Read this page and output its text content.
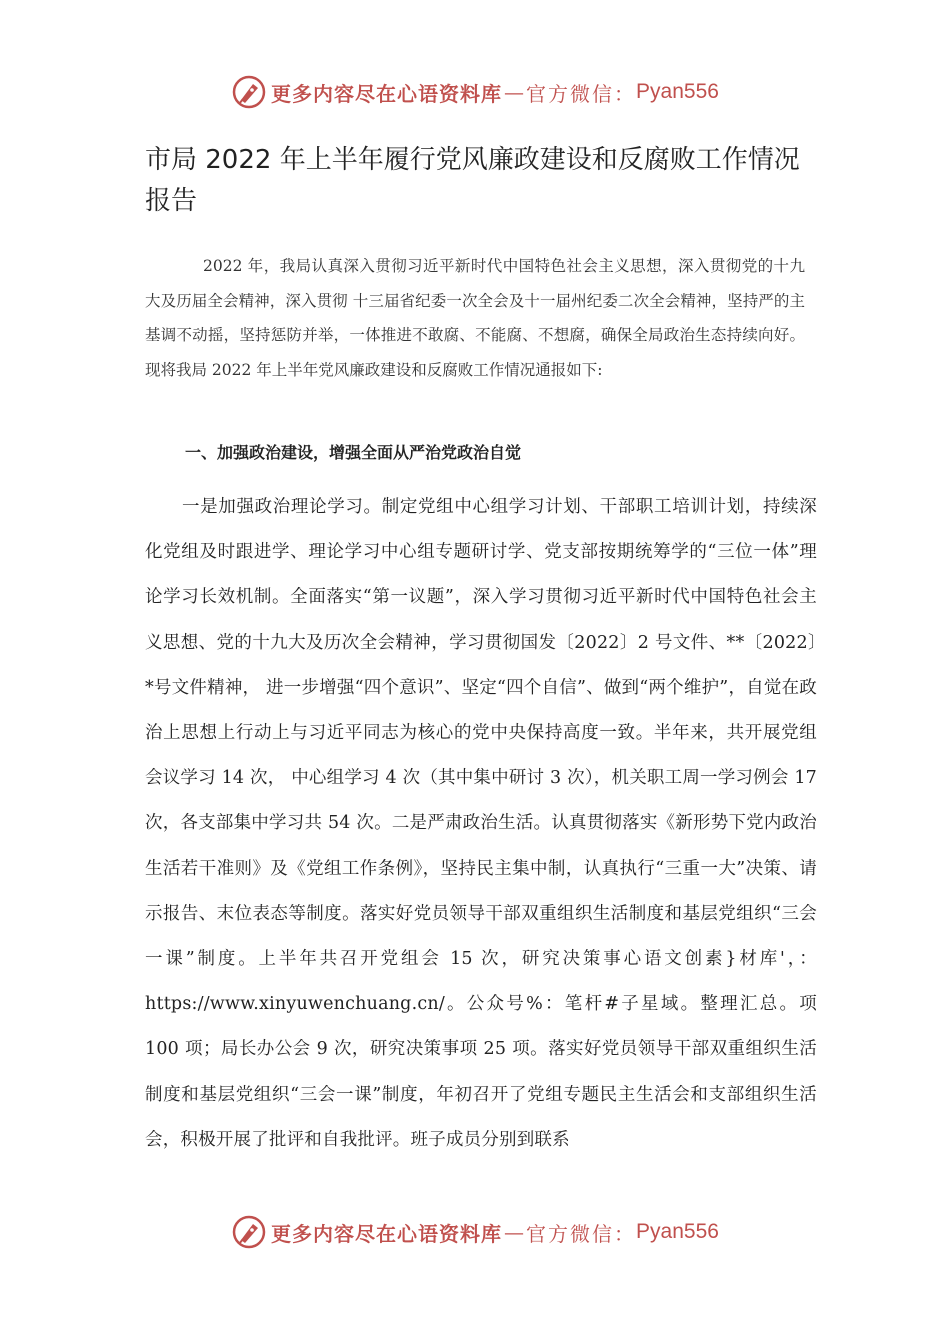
更多内容尽在心语资料库 — 官方微信： Pyan556
市局 2022 年上半年履行党风廉政建设和反腐败工作情况报告

2022 年，我局认真深入贯彻习近平新时代中国特色社会主义思想，深入贯彻党的十九大及历届全会精神，深入贯彻 十三届省纪委一次全会及十一届州纪委二次全会精神，坚持严的主基调不动摇，坚持惩防并举，一体推进不敢腐、不能腐、不想腐，确保全局政治生态持续向好。现将我局 2022 年上半年党风廉政建设和反腐败工作情况通报如下:

一、加强政治建设，增强全面从严治党政治自觉

一是加强政治理论学习。制定党组中心组学习计划、干部职工培训计划，持续深化党组及时跟进学、理论学习中心组专题研讨学、党支部按期统筹学的“三位一体”理论学习长效机制。全面落实“第一议题”，深入学习贯彻习近平新时代中国特色社会主义思想、党的十九大及历次全会精神，学习贯彻国发〔2022〕2 号文件、**〔2022〕*号文件精神， 进一步增强“四个意识”、坚定“四个自信”、做到“两个维护”，自觉在政治上思想上行动上与习近平同志为核心的党中央保持高度一致。半年来，共开展党组会议学习 14 次， 中心组学习 4 次（其中集中研讨 3 次），机关职工周一学习例会 17 次，各支部集中学习共 54 次。二是严肃政治生活。认真贯彻落实《新形势下党内政治生活若干准则》及《党组工作条例》，坚持民主集中制，认真执行“三重一大”决策、请示报告、末位表态等制度。落实好党员领导干部双重组织生活制度和基层党组织“三会一课”制度。上半年共召开党组会 15 次，研究决策事心语文创素}材库'，：https://www.xinyuwenchuang.cn/。公众号%：笔杆#子星域。整理汇总。项 100 项；局长办公会 9 次，研究决策事项 25 项。落实好党员领导干部双重组织生活制度和基层党组织“三会一课”制度，年初召开了党组专题民主生活会和支部组织生活会，积极开展了批评和自我批评。班子成员分别到联系

更多内容尽在心语资料库 — 官方微信： Pyan556
